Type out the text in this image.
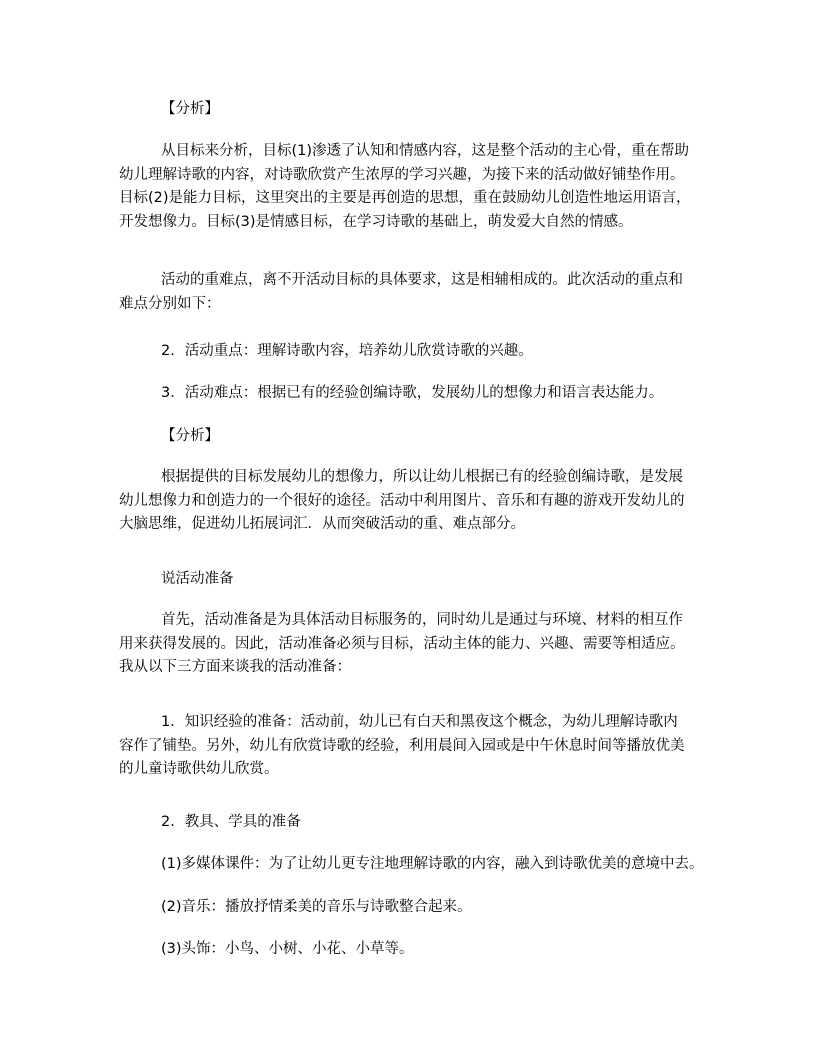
【分析】
从目标来分析，目标(1)渗透了认知和情感内容，这是整个活动的主心骨，重在帮助
幼儿理解诗歌的内容，对诗歌欣赏产生浓厚的学习兴趣，为接下来的活动做好铺垫作用。
目标(2)是能力目标，这里突出的主要是再创造的思想，重在鼓励幼儿创造性地运用语言，
开发想像力。目标(3)是情感目标，在学习诗歌的基础上，萌发爱大自然的情感。
活动的重难点，离不开活动目标的具体要求，这是相辅相成的。此次活动的重点和
难点分别如下：
2．活动重点：理解诗歌内容，培养幼儿欣赏诗歌的兴趣。
3．活动难点：根据已有的经验创编诗歌，发展幼儿的想像力和语言表达能力。
【分析】
根据提供的目标发展幼儿的想像力，所以让幼儿根据已有的经验创编诗歌，是发展
幼儿想像力和创造力的一个很好的途径。活动中利用图片、音乐和有趣的游戏开发幼儿的
大脑思维，促进幼儿拓展词汇．从而突破活动的重、难点部分。
说活动准备
首先，活动准备是为具体活动目标服务的，同时幼儿是通过与环境、材料的相互作
用来获得发展的。因此，活动准备必须与目标，活动主体的能力、兴趣、需要等相适应。
我从以下三方面来谈我的活动准备：
1．知识经验的准备：活动前，幼儿已有白天和黑夜这个概念，为幼儿理解诗歌内
容作了铺垫。另外，幼儿有欣赏诗歌的经验，利用晨间入园或是中午休息时间等播放优美
的儿童诗歌供幼儿欣赏。
2．教具、学具的准备
(1)多媒体课件：为了让幼儿更专注地理解诗歌的内容，融入到诗歌优美的意境中去。
(2)音乐：播放抒情柔美的音乐与诗歌整合起来。
(3)头饰：小鸟、小树、小花、小草等。
